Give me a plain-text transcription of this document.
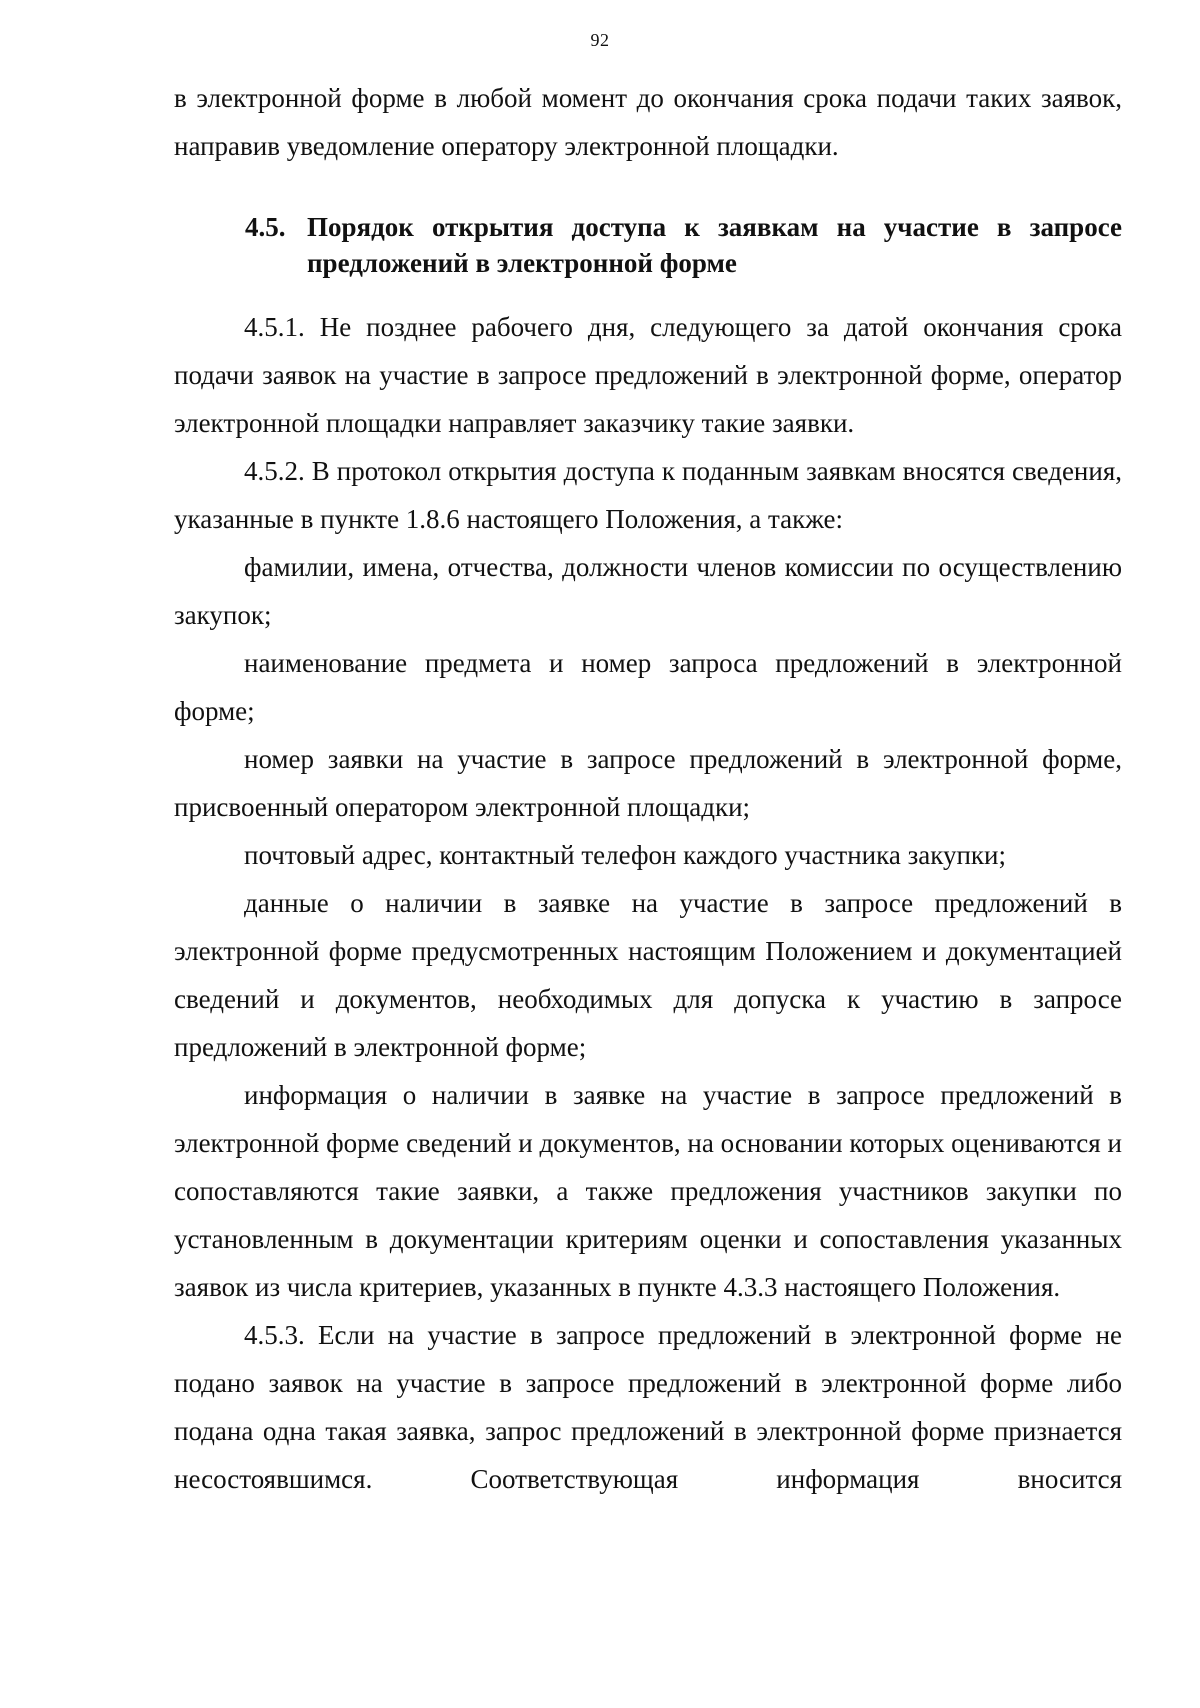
92

в электронной форме в любой момент до окончания срока подачи таких заявок, направив уведомление оператору электронной площадки.

4.5. Порядок открытия доступа к заявкам на участие в запросе предложений в электронной форме

4.5.1. Не позднее рабочего дня, следующего за датой окончания срока подачи заявок на участие в запросе предложений в электронной форме, оператор электронной площадки направляет заказчику такие заявки.

4.5.2. В протокол открытия доступа к поданным заявкам вносятся сведения, указанные в пункте 1.8.6 настоящего Положения, а также:

фамилии, имена, отчества, должности членов комиссии по осуществлению закупок;

наименование предмета и номер запроса предложений в электронной форме;

номер заявки на участие в запросе предложений в электронной форме, присвоенный оператором электронной площадки;

почтовый адрес, контактный телефон каждого участника закупки;

данные о наличии в заявке на участие в запросе предложений в электронной форме предусмотренных настоящим Положением и документацией сведений и документов, необходимых для допуска к участию в запросе предложений в электронной форме;

информация о наличии в заявке на участие в запросе предложений в электронной форме сведений и документов, на основании которых оцениваются и сопоставляются такие заявки, а также предложения участников закупки по установленным в документации критериям оценки и сопоставления указанных заявок из числа критериев, указанных в пункте 4.3.3 настоящего Положения.

4.5.3. Если на участие в запросе предложений в электронной форме не подано заявок на участие в запросе предложений в электронной форме либо подана одна такая заявка, запрос предложений в электронной форме признается несостоявшимся. Соответствующая информация вносится
